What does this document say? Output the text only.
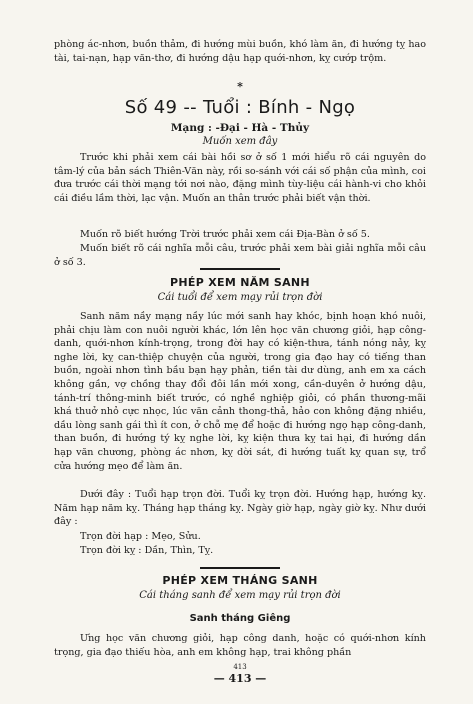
phòng ác-nhơn, buồn thảm, đi hướng mùi buồn, khó làm ăn, đi hướng tỵ hao tài, tai-nạn, hạp văn-thơ, đi hướng dậu hạp quới-nhơn, kỵ cướp trộm.

*
Số 49 -- Tuổi : Bính - Ngọ
Mạng : -Đại - Hà - Thủy
Muốn xem đây

Trước khi phải xem cái bài hồi sơ ở số 1 mới hiểu rõ cái nguyên do tâm-lý của bản sách Thiên-Văn này, rồi so-sánh với cái số phận của mình, coi đưa trước cái thời mạng tới nơi nào, đặng mình tùy-liệu cái hành-vi cho khỏi cái điều lầm thời, lạc vận. Muốn an thân trước phải biết vận thời.

Muốn rõ biết hướng Trời trước phải xem cái Địa-Bàn ở số 5.

Muốn biết rõ cái nghĩa mỗi câu, trước phải xem bài giải nghĩa mỗi câu ở số 3.

PHÉP XEM NĂM SANH
Cái tuổi để xem mạy rủi trọn đời

Sanh năm nầy mạng nầy lúc mới sanh hay khóc, bịnh hoạn khó nuôi, phải chịu làm con nuôi người khác, lớn lên học văn chương giỏi, hạp công-danh, quới-nhơn kính-trọng, trong đời hay có kiện-thưa, tánh nóng nảy, kỵ nghe lời, kỵ can-thiệp chuyện của người, trong gia đạo hay có tiếng than buồn, ngoài nhơn tình bầu bạn hạy phản, tiền tài dư dùng, anh em xa cách không gần, vợ chồng thay đổi đôi lần mới xong, cần-duyên ở hướng dậu, tánh-trí thông-minh biết trước, có nghề nghiệp giỏi, có phần thương-mãi khá thuở nhỏ cực nhọc, lúc văn cảnh thong-thả, hảo con không đặng nhiều, dầu lòng sanh gái thì ít con, ở chỗ mẹ để hoặc đi hướng ngọ hạp công-danh, than buồn, đi hướng tý kỵ nghe lời, kỵ kiện thưa kỵ tai hại, đi hướng dần hạp văn chương, phòng ác nhơn, kỵ dời sát, đi hướng tuất kỵ quan sự, trổ cửa hướng mẹo để làm ăn.

Dưới đây : Tuổi hạp trọn đời. Tuổi kỵ trọn đời. Hướng hạp, hướng kỵ. Năm hạp năm kỵ. Tháng hạp tháng kỵ. Ngày giờ hạp, ngày giờ kỵ. Như dưới đây :

Trọn đời hạp : Mẹo, Sửu.

Trọn đời kỵ : Dần, Thìn, Tỵ.

PHÉP XEM THÁNG SANH
Cái tháng sanh để xem mạy rủi trọn đời
Sanh tháng Giêng

Ưng học văn chương giỏi, hạp công danh, hoặc có quới-nhơn kính trọng, gia đạo thiếu hòa, anh em không hạp, trai không phần

413
— 413 —
